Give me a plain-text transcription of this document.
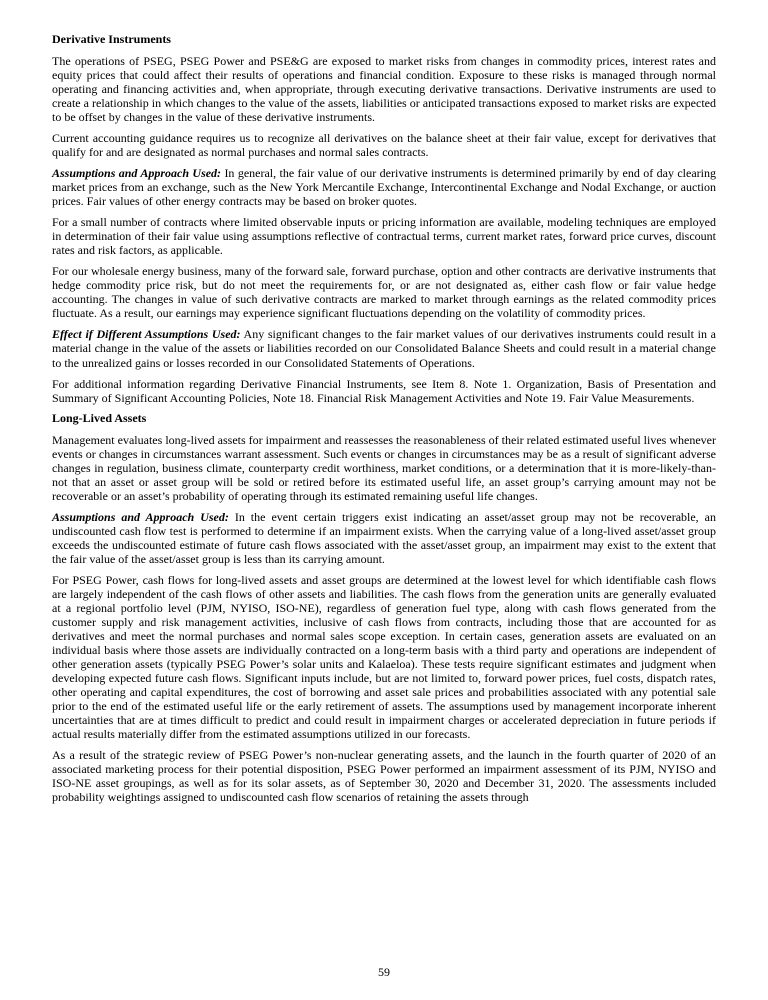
Derivative Instruments

The operations of PSEG, PSEG Power and PSE&G are exposed to market risks from changes in commodity prices, interest rates and equity prices that could affect their results of operations and financial condition. Exposure to these risks is managed through normal operating and financing activities and, when appropriate, through executing derivative transactions. Derivative instruments are used to create a relationship in which changes to the value of the assets, liabilities or anticipated transactions exposed to market risks are expected to be offset by changes in the value of these derivative instruments.

Current accounting guidance requires us to recognize all derivatives on the balance sheet at their fair value, except for derivatives that qualify for and are designated as normal purchases and normal sales contracts.

Assumptions and Approach Used: In general, the fair value of our derivative instruments is determined primarily by end of day clearing market prices from an exchange, such as the New York Mercantile Exchange, Intercontinental Exchange and Nodal Exchange, or auction prices. Fair values of other energy contracts may be based on broker quotes.

For a small number of contracts where limited observable inputs or pricing information are available, modeling techniques are employed in determination of their fair value using assumptions reflective of contractual terms, current market rates, forward price curves, discount rates and risk factors, as applicable.

For our wholesale energy business, many of the forward sale, forward purchase, option and other contracts are derivative instruments that hedge commodity price risk, but do not meet the requirements for, or are not designated as, either cash flow or fair value hedge accounting. The changes in value of such derivative contracts are marked to market through earnings as the related commodity prices fluctuate. As a result, our earnings may experience significant fluctuations depending on the volatility of commodity prices.

Effect if Different Assumptions Used: Any significant changes to the fair market values of our derivatives instruments could result in a material change in the value of the assets or liabilities recorded on our Consolidated Balance Sheets and could result in a material change to the unrealized gains or losses recorded in our Consolidated Statements of Operations.

For additional information regarding Derivative Financial Instruments, see Item 8. Note 1. Organization, Basis of Presentation and Summary of Significant Accounting Policies, Note 18. Financial Risk Management Activities and Note 19. Fair Value Measurements.

Long-Lived Assets

Management evaluates long-lived assets for impairment and reassesses the reasonableness of their related estimated useful lives whenever events or changes in circumstances warrant assessment. Such events or changes in circumstances may be as a result of significant adverse changes in regulation, business climate, counterparty credit worthiness, market conditions, or a determination that it is more-likely-than-not that an asset or asset group will be sold or retired before its estimated useful life, an asset group’s carrying amount may not be recoverable or an asset’s probability of operating through its estimated remaining useful life changes.

Assumptions and Approach Used: In the event certain triggers exist indicating an asset/asset group may not be recoverable, an undiscounted cash flow test is performed to determine if an impairment exists. When the carrying value of a long-lived asset/asset group exceeds the undiscounted estimate of future cash flows associated with the asset/asset group, an impairment may exist to the extent that the fair value of the asset/asset group is less than its carrying amount.

For PSEG Power, cash flows for long-lived assets and asset groups are determined at the lowest level for which identifiable cash flows are largely independent of the cash flows of other assets and liabilities. The cash flows from the generation units are generally evaluated at a regional portfolio level (PJM, NYISO, ISO-NE), regardless of generation fuel type, along with cash flows generated from the customer supply and risk management activities, inclusive of cash flows from contracts, including those that are accounted for as derivatives and meet the normal purchases and normal sales scope exception. In certain cases, generation assets are evaluated on an individual basis where those assets are individually contracted on a long-term basis with a third party and operations are independent of other generation assets (typically PSEG Power’s solar units and Kalaeloa). These tests require significant estimates and judgment when developing expected future cash flows. Significant inputs include, but are not limited to, forward power prices, fuel costs, dispatch rates, other operating and capital expenditures, the cost of borrowing and asset sale prices and probabilities associated with any potential sale prior to the end of the estimated useful life or the early retirement of assets. The assumptions used by management incorporate inherent uncertainties that are at times difficult to predict and could result in impairment charges or accelerated depreciation in future periods if actual results materially differ from the estimated assumptions utilized in our forecasts.

As a result of the strategic review of PSEG Power’s non-nuclear generating assets, and the launch in the fourth quarter of 2020 of an associated marketing process for their potential disposition, PSEG Power performed an impairment assessment of its PJM, NYISO and ISO-NE asset groupings, as well as for its solar assets, as of September 30, 2020 and December 31, 2020. The assessments included probability weightings assigned to undiscounted cash flow scenarios of retaining the assets through

59
